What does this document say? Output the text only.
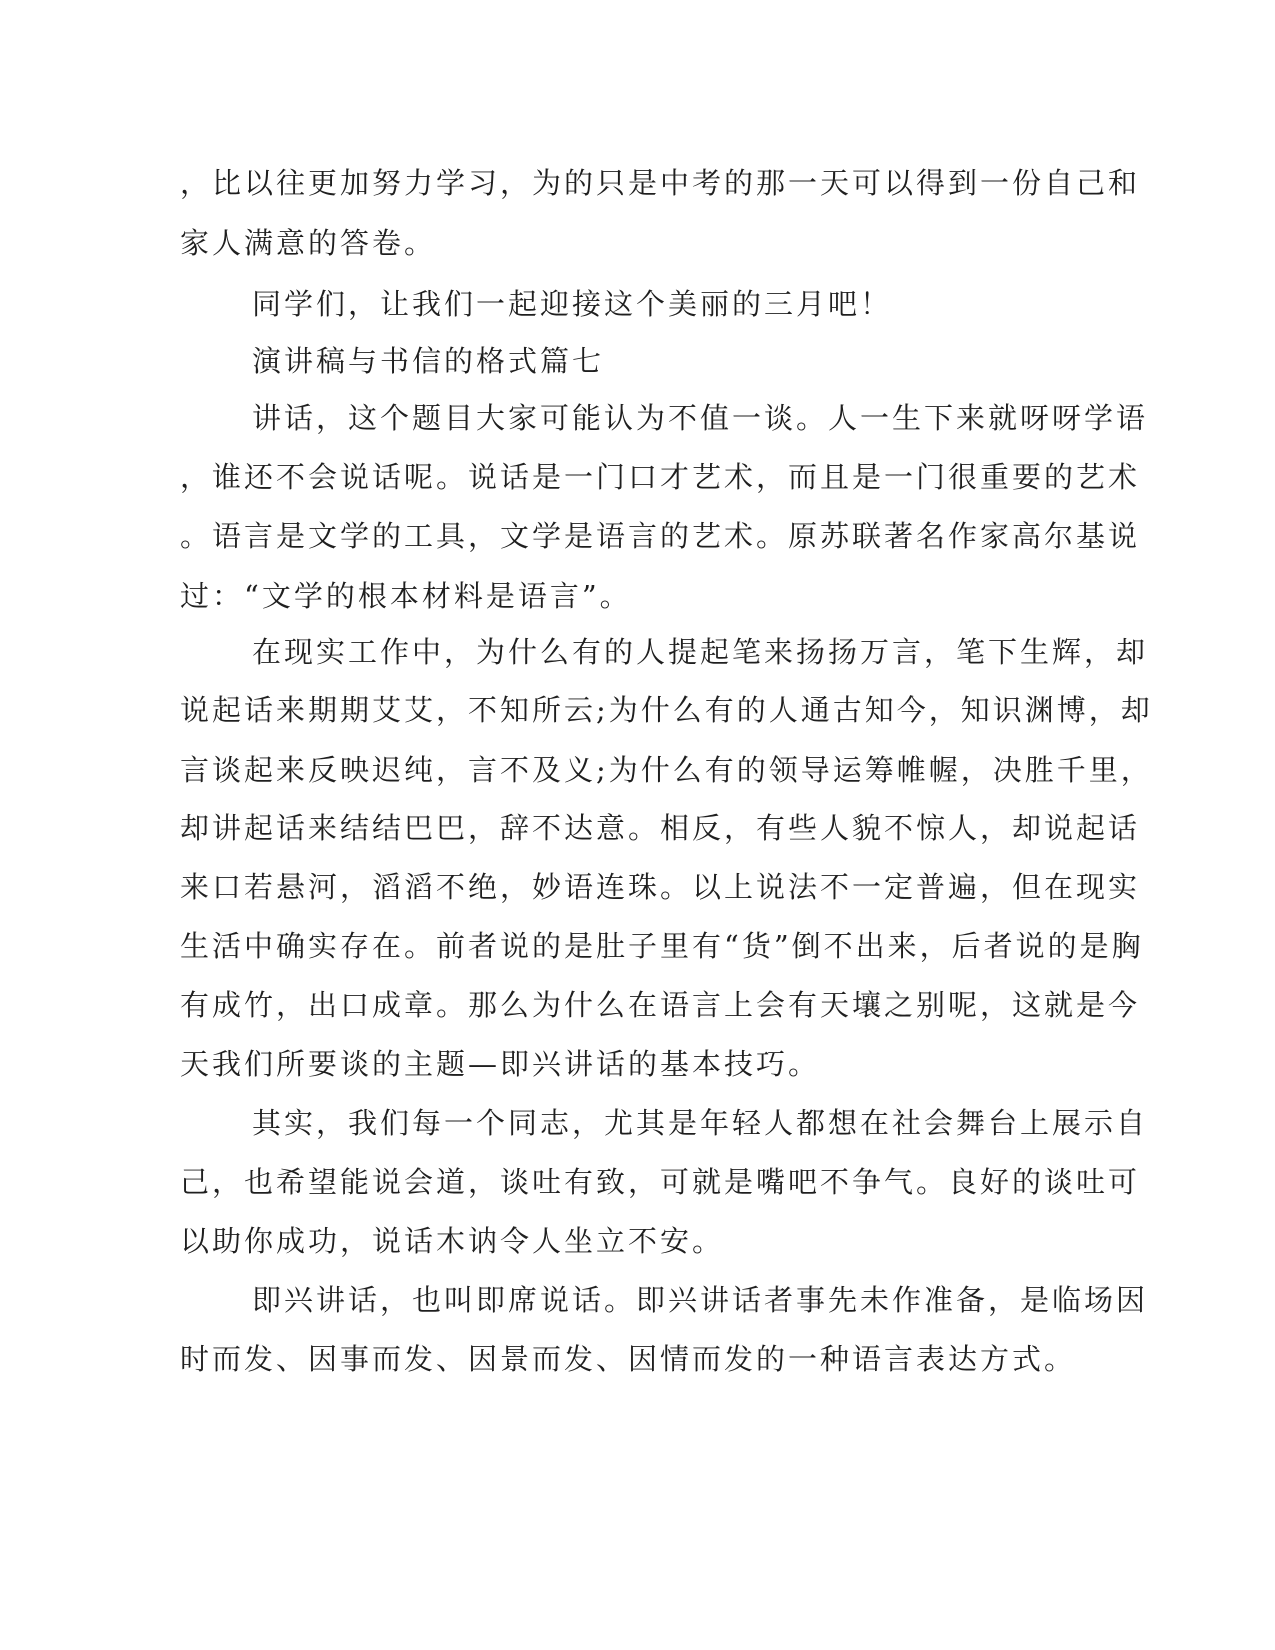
，比以往更加努力学习，为的只是中考的那一天可以得到一份自己和

家人满意的答卷。

同学们，让我们一起迎接这个美丽的三月吧！

演讲稿与书信的格式篇七

讲话，这个题目大家可能认为不值一谈。人一生下来就呀呀学语

，谁还不会说话呢。说话是一门口才艺术，而且是一门很重要的艺术

。语言是文学的工具，文学是语言的艺术。原苏联著名作家高尔基说

过：“文学的根本材料是语言”。

在现实工作中，为什么有的人提起笔来扬扬万言，笔下生辉，却

说起话来期期艾艾，不知所云;为什么有的人通古知今，知识渊博，却

言谈起来反映迟纯，言不及义;为什么有的领导运筹帷幄，决胜千里，

却讲起话来结结巴巴，辞不达意。相反，有些人貌不惊人，却说起话

来口若悬河，滔滔不绝，妙语连珠。以上说法不一定普遍，但在现实

生活中确实存在。前者说的是肚子里有“货”倒不出来，后者说的是胸

有成竹，出口成章。那么为什么在语言上会有天壤之别呢，这就是今

天我们所要谈的主题—即兴讲话的基本技巧。

其实，我们每一个同志，尤其是年轻人都想在社会舞台上展示自

己，也希望能说会道，谈吐有致，可就是嘴吧不争气。良好的谈吐可

以助你成功，说话木讷令人坐立不安。

即兴讲话，也叫即席说话。即兴讲话者事先未作准备，是临场因

时而发、因事而发、因景而发、因情而发的一种语言表达方式。
